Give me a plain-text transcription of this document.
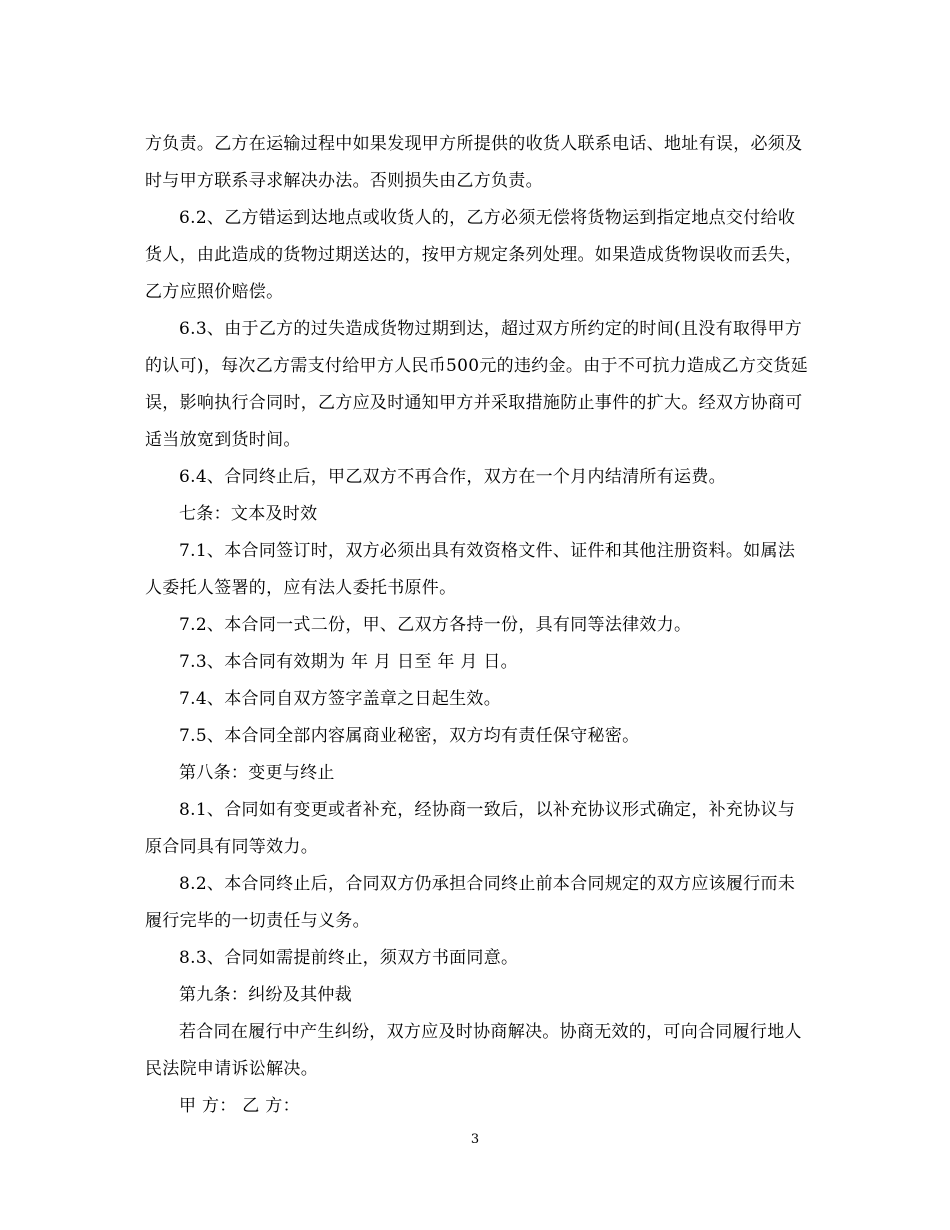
方负责。乙方在运输过程中如果发现甲方所提供的收货人联系电话、地址有误，必须及时与甲方联系寻求解决办法。否则损失由乙方负责。

6.2、乙方错运到达地点或收货人的，乙方必须无偿将货物运到指定地点交付给收货人，由此造成的货物过期送达的，按甲方规定条列处理。如果造成货物误收而丢失，乙方应照价赔偿。

6.3、由于乙方的过失造成货物过期到达，超过双方所约定的时间(且没有取得甲方的认可)，每次乙方需支付给甲方人民币500元的违约金。由于不可抗力造成乙方交货延误，影响执行合同时，乙方应及时通知甲方并采取措施防止事件的扩大。经双方协商可适当放宽到货时间。

6.4、合同终止后，甲乙双方不再合作，双方在一个月内结清所有运费。

七条：文本及时效

7.1、本合同签订时，双方必须出具有效资格文件、证件和其他注册资料。如属法人委托人签署的，应有法人委托书原件。

7.2、本合同一式二份，甲、乙双方各持一份，具有同等法律效力。

7.3、本合同有效期为 年 月 日至 年 月 日。

7.4、本合同自双方签字盖章之日起生效。

7.5、本合同全部内容属商业秘密，双方均有责任保守秘密。

第八条：变更与终止

8.1、合同如有变更或者补充，经协商一致后，以补充协议形式确定，补充协议与原合同具有同等效力。

8.2、本合同终止后，合同双方仍承担合同终止前本合同规定的双方应该履行而未履行完毕的一切责任与义务。

8.3、合同如需提前终止，须双方书面同意。

第九条：纠纷及其仲裁

若合同在履行中产生纠纷，双方应及时协商解决。协商无效的，可向合同履行地人民法院申请诉讼解决。

甲 方： 乙 方：

3
